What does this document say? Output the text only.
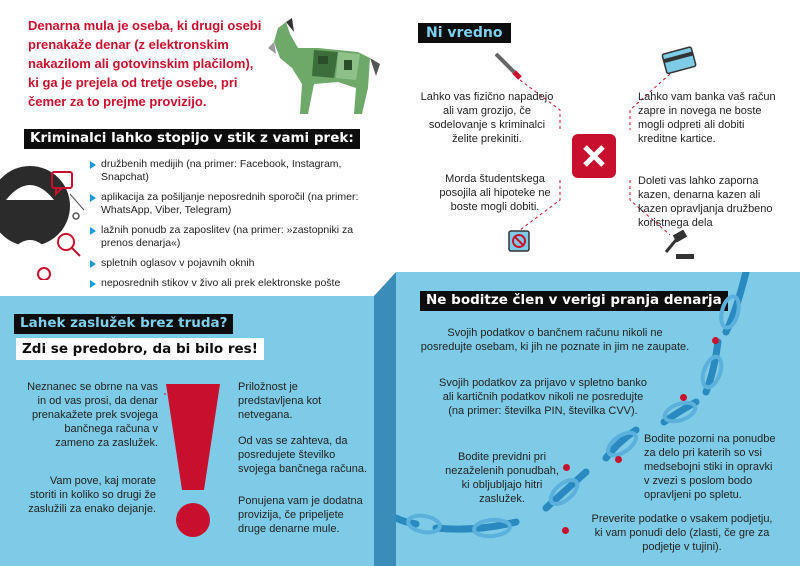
Denarna mula je oseba, ki drugi osebi
prenakaže denar (z elektronskim
nakazilom ali gotovinskim plačilom),
ki ga je prejela od tretje osebe, pri
čemer za to prejme provizijo.
Kriminalci lahko stopijo v stik z vami prek:
družbenih medijih (na primer: Facebook, Instagram, Snapchat)
aplikacija za pošiljanje neposrednih sporočil (na primer: WhatsApp, Viber, Telegram)
lažnih ponudb za zaposlitev (na primer: »zastopniki za prenos denarja«)
spletnih oglasov v pojavnih oknih
neposrednih stikov v živo ali prek elektronske pošte
Ni vredno
Lahko vas fizično napadejo
ali vam grozijo, če
sodelovanje s kriminalci
želite prekiniti.
Lahko vam banka vaš račun
zapre in novega ne boste
mogli odpreti ali dobiti
kreditne kartice.
Morda študentskega
posojila ali hipoteke ne
boste mogli dobiti.
Doleti vas lahko zaporna
kazen, denarna kazen ali
kazen opravljanja družbeno
koristnega dela
Lahek zaslužek brez truda?
Zdi se predobro, da bi bilo res!
Neznanec se obrne na vas
in od vas prosi, da denar
prenakažete prek svojega
bančnega računa v
zameno za zaslužek.
Vam pove, kaj morate
storiti in koliko so drugi že
zaslužili za enako dejanje.
Priložnost je
predstavljena kot
netvegana.
Od vas se zahteva, da
posredujete številko
svojega bančnega računa.
Ponujena vam je dodatna
provizija, če pripeljete
druge denarne mule.
Ne boditze člen v verigi pranja denarja
Svojih podatkov o bančnem računu nikoli ne
posredujte osebam, ki jih ne poznate in jim ne zaupate.
Svojih podatkov za prijavo v spletno banko
ali kartičnih podatkov nikoli ne posredujte
(na primer: številka PIN, številka CVV).
Bodite previdni pri
nezaželenih ponudbah,
ki obljubljajo hitri
zaslužek.
Bodite pozorni na ponudbe
za delo pri katerih so vsi
medsebojni stiki in opravki
v zvezi s poslom bodo
opravljeni po spletu.
Preverite podatke o vsakem podjetju,
ki vam ponudi delo (zlasti, če gre za
podjetje v tujini).
